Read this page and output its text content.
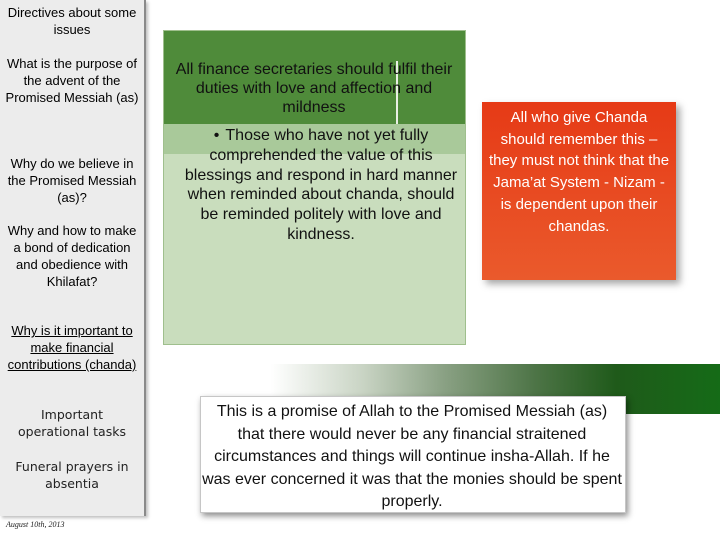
Directives about some issues
What is the purpose of the advent of the Promised Messiah (as)
Why do we believe in the Promised Messiah (as)?
Why and how to make a bond of dedication and obedience with Khilafat?
Why is it important to make financial contributions (chanda)
Important operational tasks
Funeral prayers in absentia
August 10th, 2013
All finance secretaries should fulfil their duties with love and affection and mildness
• Those who have not yet fully comprehended the value of this blessings and respond in hard manner when reminded about chanda, should be reminded politely with love and kindness.
All who give Chanda should remember this – they must not think that the Jama’at System - Nizam - is dependent upon their chandas.
This is a promise of Allah to the Promised Messiah (as) that there would never be any financial straitened circumstances and things will continue insha-Allah. If he was ever concerned it was that the monies should be spent properly.
